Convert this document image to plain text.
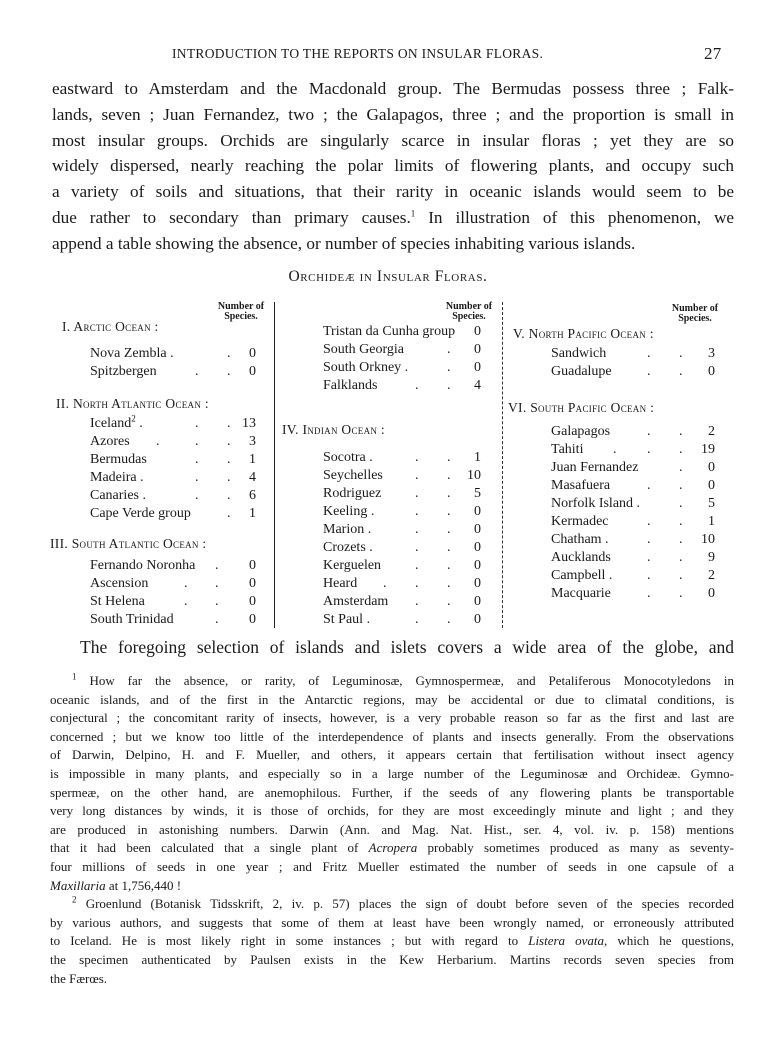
INTRODUCTION TO THE REPORTS ON INSULAR FLORAS.	27
eastward to Amsterdam and the Macdonald group. The Bermudas possess three ; Falk-
lands, seven ; Juan Fernandez, two ; the Galapagos, three ; and the proportion is small in
most insular groups. Orchids are singularly scarce in insular floras ; yet they are so
widely dispersed, nearly reaching the polar limits of flowering plants, and occupy such
a variety of soils and situations, that their rarity in oceanic islands would seem to be
due rather to secondary than primary causes.$^1$ In illustration of this phenomenon, we
append a table showing the absence, or number of species inhabiting various islands.
Orchideæ in Insular Floras.
Number of
Species.
I. Arctic Ocean :
Nova Zembla .	.	0
Spitzbergen	. .	0
II. North Atlantic Ocean :
Iceland$^2$ .	. . 13
Azores .	. .	3
Bermudas	. .	1
Madeira .	. .	4
Canaries .	. .	6
Cape Verde group	.	1
III. South Atlantic Ocean :
Fernando Noronha .	0
Ascension	. .	0
St Helena	. .	0
South Trinidad	.	0
Number of
Species.
Tristan da Cunha group	0
South Georgia	.	0
South Orkney .	.	0
Falklands	. .	4
IV. Indian Ocean :
Socotra .	. .	1
Seychelles . .	10
Rodriguez . .	5
Keeling .	. .	0
Marion .	. .	0
Crozets .	. .	0
Kerguelen . .	0
Heard . . .	0
Amsterdam . .	0
St Paul .	. .	0
Number of
Species.
V. North Pacific Ocean :
Sandwich	. .	3
Guadalupe	. .	0
VI. South Pacific Ocean :
Galapagos	. .	2
Tahiti . . .	19
Juan Fernandez	.	0
Masafuera	. .	0
Norfolk Island .	.	5
Kermadec	. .	1
Chatham .	. .	10
Aucklands	. .	9
Campbell . . .	2
Macquarie	. .	0
The foregoing selection of islands and islets covers a wide area of the globe, and
$^1$ How far the absence, or rarity, of Leguminosæ, Gymnospermeæ, and Petaliferous Monocotyledons in
oceanic islands, and of the first in the Antarctic regions, may be accidental or due to climatal conditions, is
conjectural ; the concomitant rarity of insects, however, is a very probable reason so far as the first and last are
concerned ; but we know too little of the interdependence of plants and insects generally. From the observations
of Darwin, Delpino, H. and F. Mueller, and others, it appears certain that fertilisation without insect agency
is impossible in many plants, and especially so in a large number of the Leguminosæ and Orchideæ. Gymno-
spermeæ, on the other hand, are anemophilous. Further, if the seeds of any flowering plants be transportable
very long distances by winds, it is those of orchids, for they are most exceedingly minute and light ; and they
are produced in astonishing numbers. Darwin (Ann. and Mag. Nat. Hist., ser. 4, vol. iv. p. 158) mentions
that it had been calculated that a single plant of Acropera probably sometimes produced as many as seventy-
four millions of seeds in one year ; and Fritz Mueller estimated the number of seeds in one capsule of a
Maxillaria at 1,756,440 !
$^2$ Groenlund (Botanisk Tidsskrift, 2, iv. p. 57) places the sign of doubt before seven of the species recorded
by various authors, and suggests that some of them at least have been wrongly named, or erroneously attributed
to Iceland. He is most likely right in some instances ; but with regard to Listera ovata, which he questions,
the specimen authenticated by Paulsen exists in the Kew Herbarium. Martins records seven species from
the Færœs.
